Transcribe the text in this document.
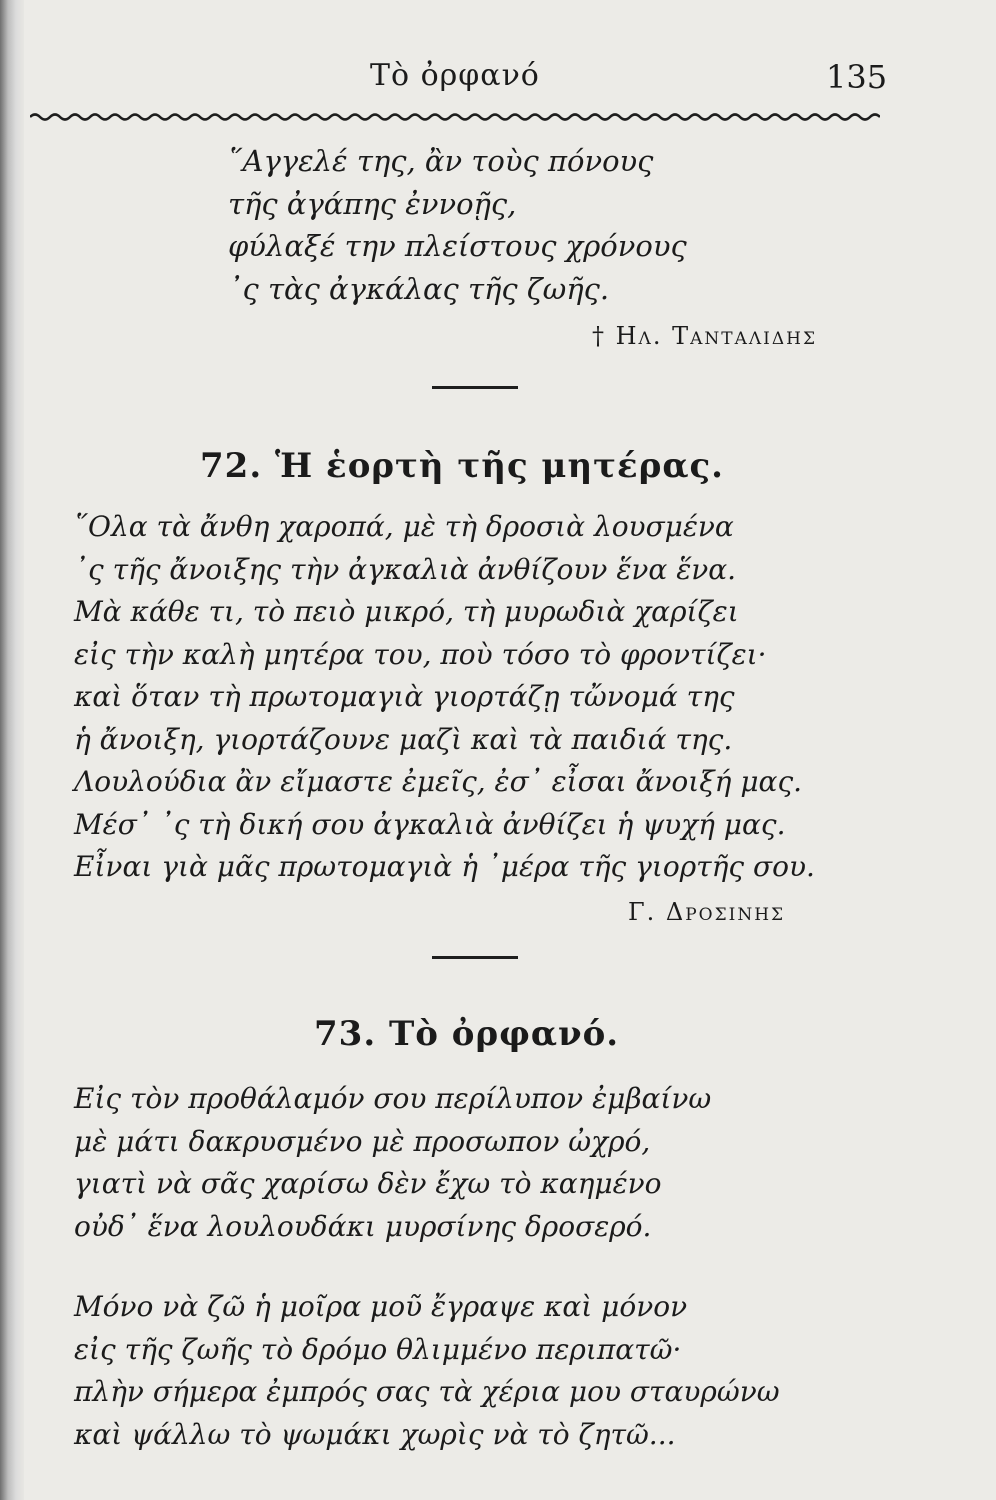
Τὸ ὀρφανό	135
῞Αγγελέ της, ἂν τοὺς πόνους
τῆς ἀγάπης ἐννοῇς,
φύλαξέ την πλείστους χρόνους
᾽ς τὰς ἀγκάλας τῆς ζωῆς.
† Ηλ. Τανταλιδησ
72. Ἡ ἑορτὴ τῆς μητέρας.
῞Ολα τὰ ἄνθη χαροπά, μὲ τὴ δροσιὰ λουσμένα
᾽ς τῆς ἄνοιξης τὴν ἀγκαλιὰ ἀνθίζουν ἕνα ἕνα.
Μὰ κάθε τι, τὸ πειὸ μικρό, τὴ μυρωδιὰ χαρίζει
εἰς τὴν καλὴ μητέρα του, ποὺ τόσο τὸ φροντίζει·
καὶ ὅταν τὴ πρωτομαγιὰ γιορτάζῃ τὤνομά της
ἡ ἄνοιξη, γιορτάζουνε μαζὶ καὶ τὰ παιδιά της.
Λουλούδια ἂν εἴμαστε ἐμεῖς, ἐσ᾽ εἶσαι ἄνοιξή μας.
Μέσ᾽ ᾽ς τὴ δική σου ἀγκαλιὰ ἀνθίζει ἡ ψυχή μας.
Εἶναι γιὰ μᾶς πρωτομαγιὰ ἡ ᾽μέρα τῆς γιορτῆς σου.
Γ. Δροσινησ
73. Τὸ ὀρφανό.
Εἰς τὸν προθάλαμόν σου περίλυπον ἐμβαίνω
μὲ μάτι δακρυσμένο μὲ προσωπον ὠχρό,
γιατὶ νὰ σᾶς χαρίσω δὲν ἔχω τὸ καημένο
οὐδ᾽ ἕνα λουλουδάκι μυρσίνης δροσερό.
Μόνο νὰ ζῶ ἡ μοῖρα μοῦ ἔγραψε καὶ μόνον
εἰς τῆς ζωῆς τὸ δρόμο θλιμμένο περιπατῶ·
πλὴν σήμερα ἐμπρός σας τὰ χέρια μου σταυρώνω
καὶ ψάλλω τὸ ψωμάκι χωρὶς νὰ τὸ ζητῶ...
